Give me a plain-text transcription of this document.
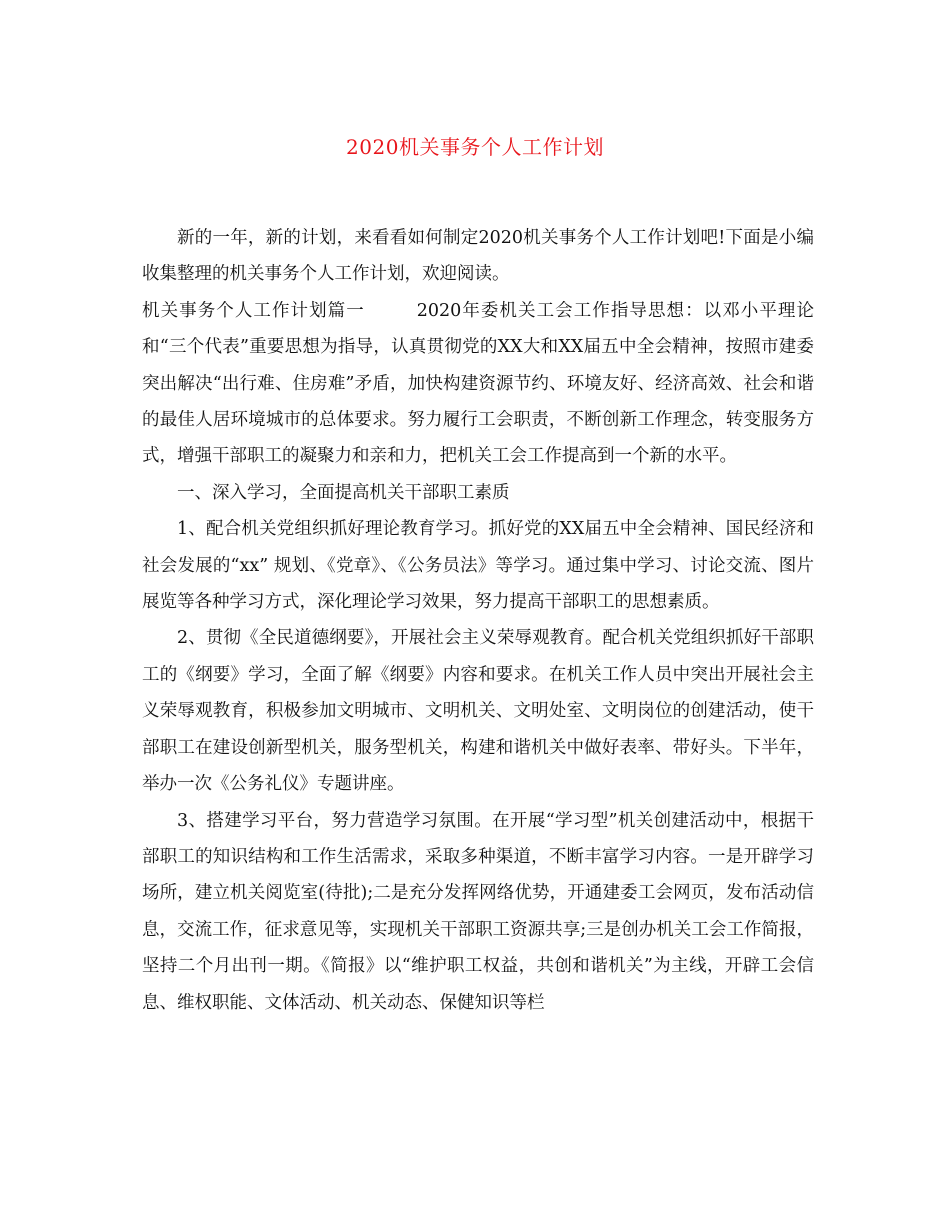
2020机关事务个人工作计划

新的一年，新的计划，来看看如何制定2020机关事务个人工作计划吧!下面是小编收集整理的机关事务个人工作计划，欢迎阅读。

机关事务个人工作计划篇一	2020年委机关工会工作指导思想：以邓小平理论和“三个代表”重要思想为指导，认真贯彻党的XX大和XX届五中全会精神，按照市建委突出解决“出行难、住房难”矛盾，加快构建资源节约、环境友好、经济高效、社会和谐的最佳人居环境城市的总体要求。努力履行工会职责，不断创新工作理念，转变服务方式，增强干部职工的凝聚力和亲和力，把机关工会工作提高到一个新的水平。

一、深入学习，全面提高机关干部职工素质

1、配合机关党组织抓好理论教育学习。抓好党的XX届五中全会精神、国民经济和社会发展的“xx” 规划、《党章》、《公务员法》等学习。通过集中学习、讨论交流、图片展览等各种学习方式，深化理论学习效果，努力提高干部职工的思想素质。

2、贯彻《全民道德纲要》，开展社会主义荣辱观教育。配合机关党组织抓好干部职工的《纲要》学习，全面了解《纲要》内容和要求。在机关工作人员中突出开展社会主义荣辱观教育，积极参加文明城市、文明机关、文明处室、文明岗位的创建活动，使干部职工在建设创新型机关，服务型机关，构建和谐机关中做好表率、带好头。下半年，举办一次《公务礼仪》专题讲座。

3、搭建学习平台，努力营造学习氛围。在开展“学习型”机关创建活动中，根据干部职工的知识结构和工作生活需求，采取多种渠道，不断丰富学习内容。一是开辟学习场所，建立机关阅览室(待批);二是充分发挥网络优势，开通建委工会网页，发布活动信息，交流工作，征求意见等，实现机关干部职工资源共享;三是创办机关工会工作简报，坚持二个月出刊一期。《简报》以“维护职工权益，共创和谐机关”为主线，开辟工会信息、维权职能、文体活动、机关动态、保健知识等栏
